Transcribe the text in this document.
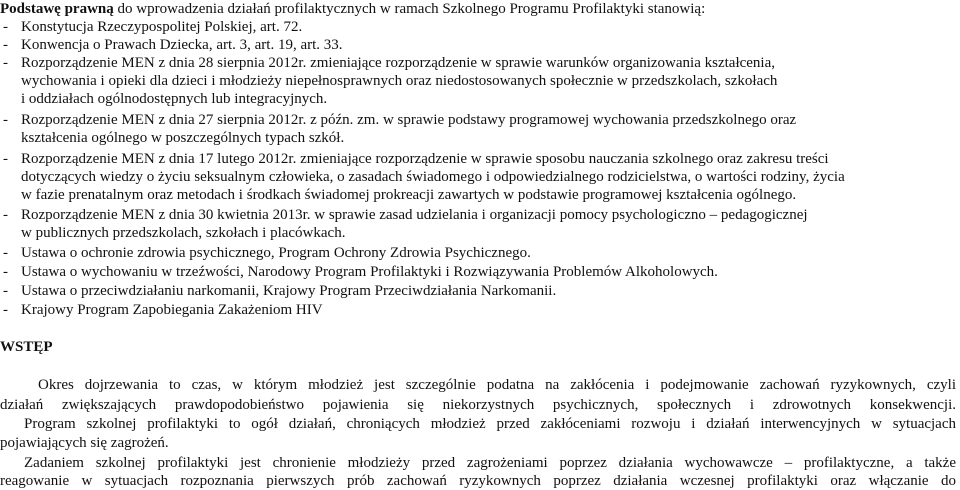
Podstawę prawną do wprowadzenia działań profilaktycznych w ramach Szkolnego Programu Profilaktyki stanowią:
- Konstytucja Rzeczypospolitej Polskiej, art. 72.
- Konwencja o Prawach Dziecka, art. 3, art. 19, art. 33.
- Rozporządzenie MEN z dnia 28 sierpnia 2012r. zmieniające rozporządzenie w sprawie warunków organizowania kształcenia,
wychowania i opieki dla dzieci i młodzieży niepełnosprawnych oraz niedostosowanych społecznie w przedszkolach, szkołach
i oddziałach ogólnodostępnych lub integracyjnych.
- Rozporządzenie MEN z dnia 27 sierpnia 2012r. z późn. zm. w sprawie podstawy programowej wychowania przedszkolnego oraz
kształcenia ogólnego w poszczególnych typach szkół.
- Rozporządzenie MEN z dnia 17 lutego 2012r. zmieniające rozporządzenie w sprawie sposobu nauczania szkolnego oraz zakresu treści
dotyczących wiedzy o życiu seksualnym człowieka, o zasadach świadomego i odpowiedzialnego rodzicielstwa, o wartości rodziny, życia
w fazie prenatalnym oraz metodach i środkach świadomej prokreacji zawartych w podstawie programowej kształcenia ogólnego.
- Rozporządzenie MEN z dnia 30 kwietnia 2013r. w sprawie zasad udzielania i organizacji pomocy psychologiczno – pedagogicznej
w publicznych przedszkolach, szkołach i placówkach.
- Ustawa o ochronie zdrowia psychicznego, Program Ochrony Zdrowia Psychicznego.
- Ustawa o wychowaniu w trzeźwości, Narodowy Program Profilaktyki i Rozwiązywania Problemów Alkoholowych.
- Ustawa o przeciwdziałaniu narkomanii, Krajowy Program Przeciwdziałania Narkomanii.
- Krajowy Program Zapobiegania Zakażeniom HIV
WSTĘP
Okres dojrzewania to czas, w którym młodzież jest szczególnie podatna na zakłócenia i podejmowanie zachowań ryzykownych, czyli
działań zwiększających prawdopodobieństwo pojawienia się niekorzystnych psychicznych, społecznych i zdrowotnych konsekwencji.
Program szkolnej profilaktyki to ogół działań, chroniących młodzież przed zakłóceniami rozwoju i działań interwencyjnych w sytuacjach
pojawiających się zagrożeń.
Zadaniem szkolnej profilaktyki jest chronienie młodzieży przed zagrożeniami poprzez działania wychowawcze – profilaktyczne, a także
reagowanie w sytuacjach rozpoznania pierwszych prób zachowań ryzykownych poprzez działania wczesnej profilaktyki oraz włączanie do
